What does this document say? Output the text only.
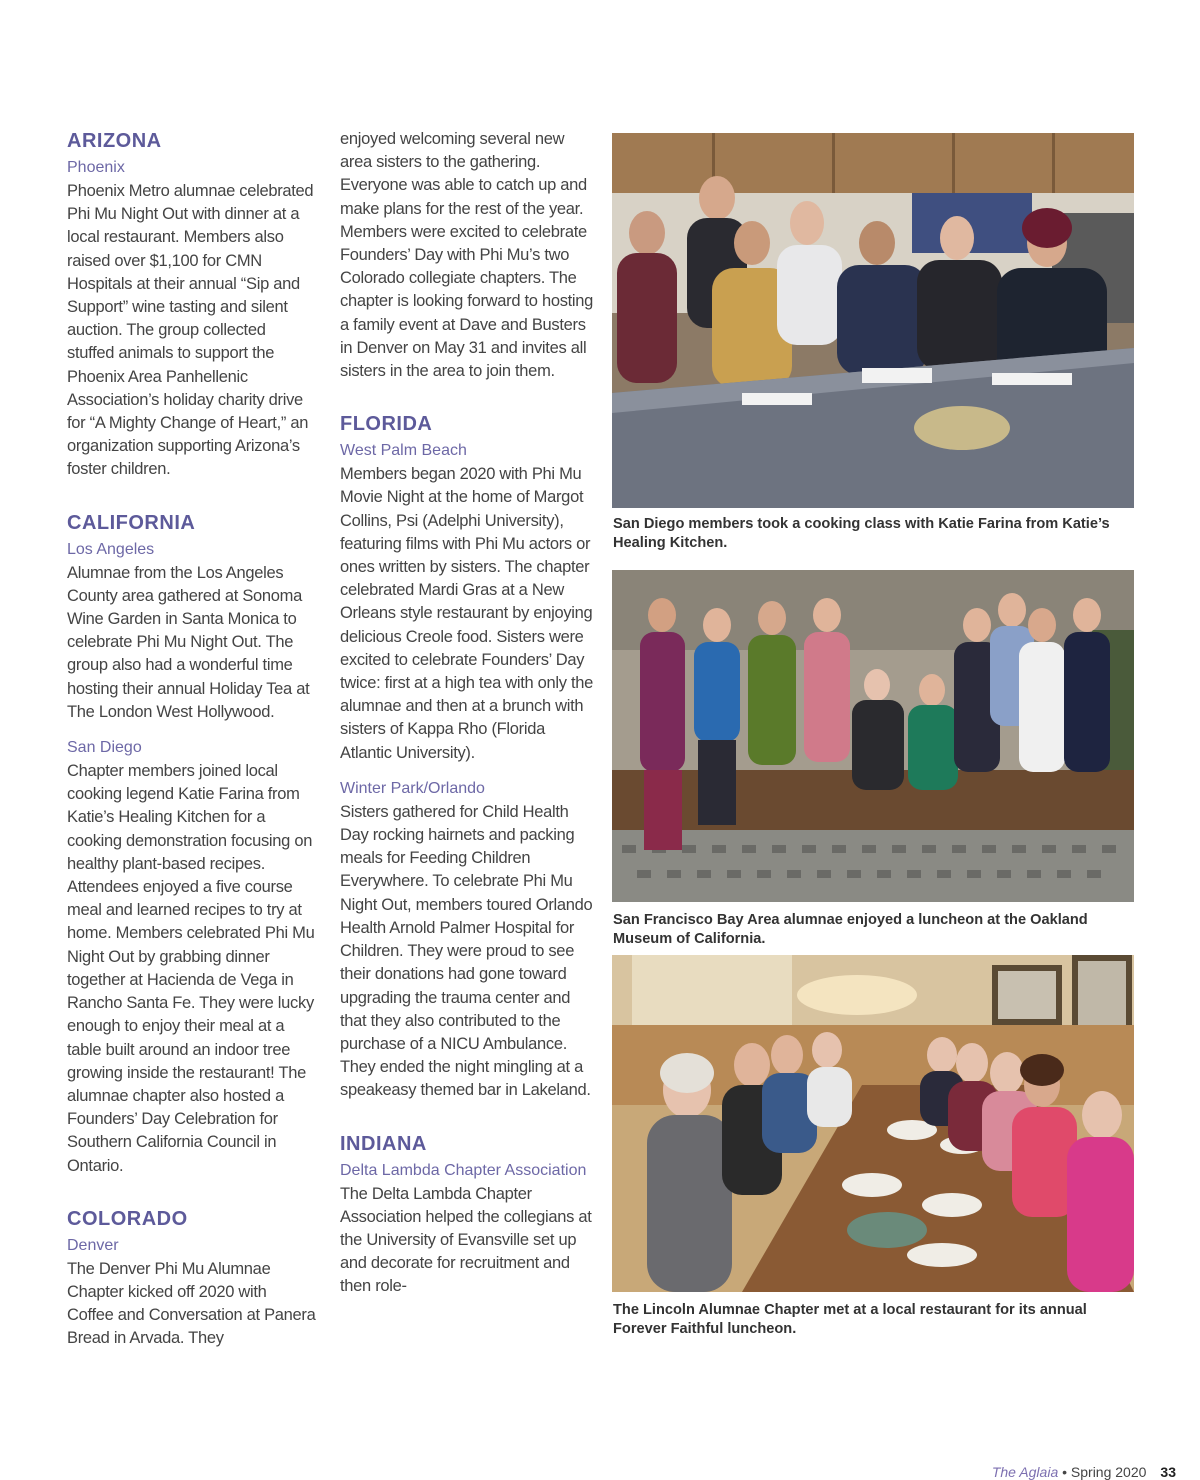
ARIZONA
Phoenix

Phoenix Metro alumnae celebrated Phi Mu Night Out with dinner at a local restaurant. Members also raised over $1,100 for CMN Hospitals at their annual “Sip and Support” wine tasting and silent auction. The group collected stuffed animals to support the Phoenix Area Panhellenic Association’s holiday charity drive for “A Mighty Change of Heart,” an organization supporting Arizona’s foster children.

CALIFORNIA
Los Angeles

Alumnae from the Los Angeles County area gathered at Sonoma Wine Garden in Santa Monica to celebrate Phi Mu Night Out. The group also had a wonderful time hosting their annual Holiday Tea at The London West Hollywood.

San Diego

Chapter members joined local cooking legend Katie Farina from Katie’s Healing Kitchen for a cooking demonstration focusing on healthy plant-based recipes. Attendees enjoyed a five course meal and learned recipes to try at home. Members celebrated Phi Mu Night Out by grabbing dinner together at Hacienda de Vega in Rancho Santa Fe. They were lucky enough to enjoy their meal at a table built around an indoor tree growing inside the restaurant! The alumnae chapter also hosted a Founders’ Day Celebration for Southern California Council in Ontario.

COLORADO
Denver

The Denver Phi Mu Alumnae Chapter kicked off 2020 with Coffee and Conversation at Panera Bread in Arvada. They

enjoyed welcoming several new area sisters to the gathering. Everyone was able to catch up and make plans for the rest of the year. Members were excited to celebrate Founders’ Day with Phi Mu’s two Colorado collegiate chapters. The chapter is looking forward to hosting a family event at Dave and Busters in Denver on May 31 and invites all sisters in the area to join them.

FLORIDA
West Palm Beach

Members began 2020 with Phi Mu Movie Night at the home of Margot Collins, Psi (Adelphi University), featuring films with Phi Mu actors or ones written by sisters. The chapter celebrated Mardi Gras at a New Orleans style restaurant by enjoying delicious Creole food. Sisters were excited to celebrate Founders’ Day twice: first at a high tea with only the alumnae and then at a brunch with sisters of Kappa Rho (Florida Atlantic University).

Winter Park/Orlando

Sisters gathered for Child Health Day rocking hairnets and packing meals for Feeding Children Everywhere. To celebrate Phi Mu Night Out, members toured Orlando Health Arnold Palmer Hospital for Children. They were proud to see their donations had gone toward upgrading the trauma center and that they also contributed to the purchase of a NICU Ambulance. They ended the night mingling at a speakeasy themed bar in Lakeland.

INDIANA
Delta Lambda Chapter Association

The Delta Lambda Chapter Association helped the collegians at the University of Evansville set up and decorate for recruitment and then role-

San Diego members took a cooking class with Katie Farina from Katie’s Healing Kitchen.
San Francisco Bay Area alumnae enjoyed a luncheon at the Oakland Museum of California.
The Lincoln Alumnae Chapter met at a local restaurant for its annual Forever Faithful luncheon.
The Aglaia • Spring 2020 33
